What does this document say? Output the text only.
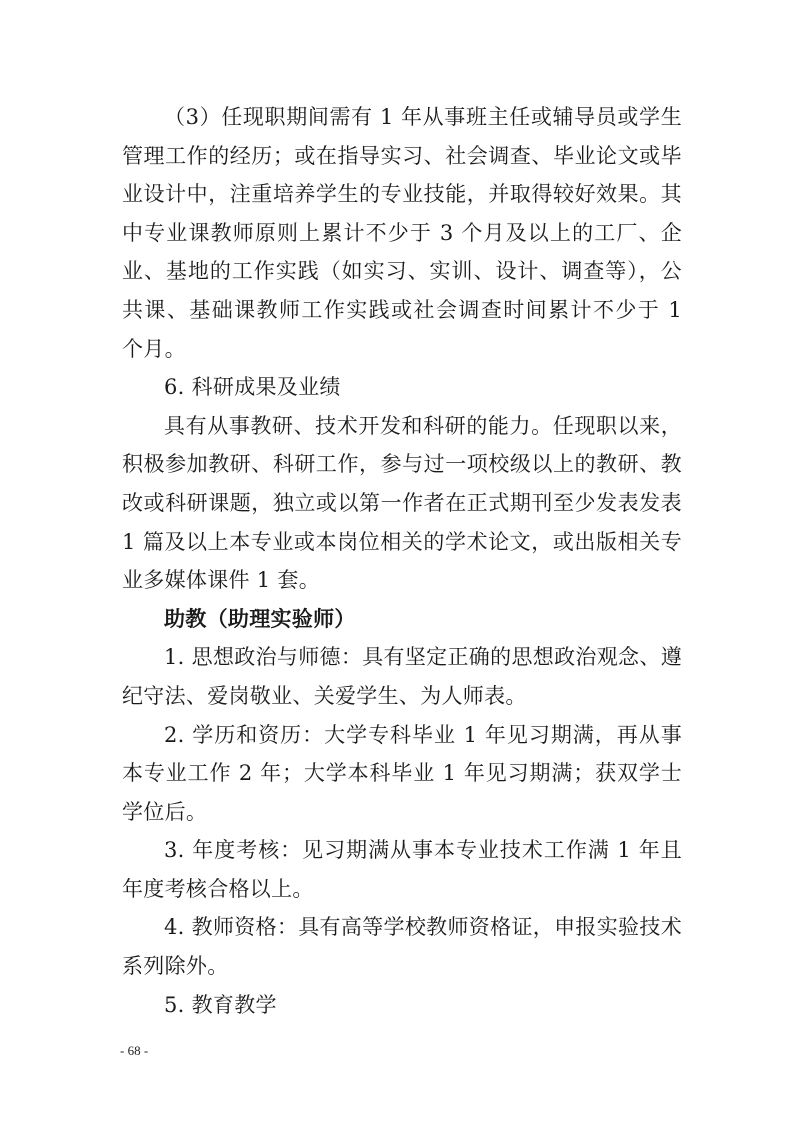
（3）任现职期间需有 1 年从事班主任或辅导员或学生管理工作的经历；或在指导实习、社会调查、毕业论文或毕业设计中，注重培养学生的专业技能，并取得较好效果。其中专业课教师原则上累计不少于 3 个月及以上的工厂、企业、基地的工作实践（如实习、实训、设计、调查等），公共课、基础课教师工作实践或社会调查时间累计不少于 1 个月。

6. 科研成果及业绩

具有从事教研、技术开发和科研的能力。任现职以来，积极参加教研、科研工作，参与过一项校级以上的教研、教改或科研课题，独立或以第一作者在正式期刊至少发表发表 1 篇及以上本专业或本岗位相关的学术论文，或出版相关专业多媒体课件 1 套。

助教（助理实验师）

1. 思想政治与师德：具有坚定正确的思想政治观念、遵纪守法、爱岗敬业、关爱学生、为人师表。

2. 学历和资历：大学专科毕业 1 年见习期满，再从事本专业工作 2 年；大学本科毕业 1 年见习期满；获双学士学位后。

3. 年度考核：见习期满从事本专业技术工作满 1 年且年度考核合格以上。

4. 教师资格：具有高等学校教师资格证，申报实验技术系列除外。

5. 教育教学

- 68 -
